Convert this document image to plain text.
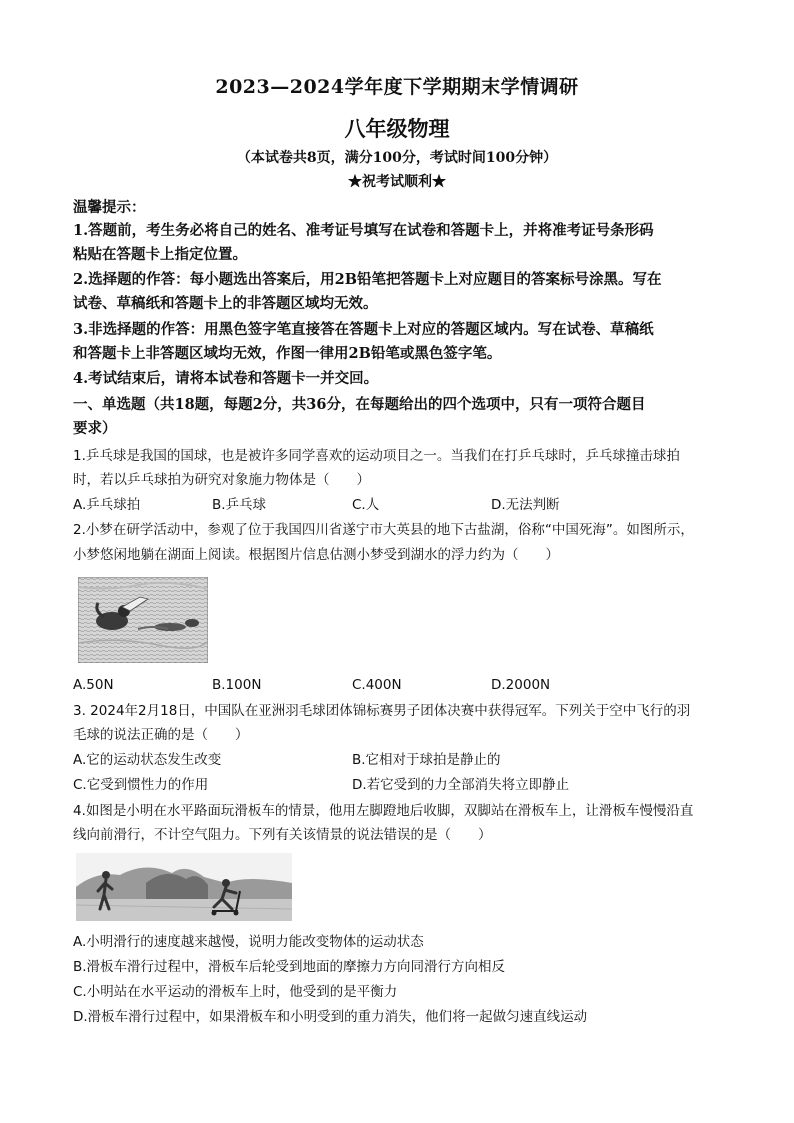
2023—2024学年度下学期期末学情调研
八年级物理
（本试卷共8页，满分100分，考试时间100分钟）
★祝考试顺利★
温馨提示：
1.答题前，考生务必将自己的姓名、准考证号填写在试卷和答题卡上，并将准考证号条形码
粘贴在答题卡上指定位置。
2.选择题的作答：每小题选出答案后，用2B铅笔把答题卡上对应题目的答案标号涂黑。写在
试卷、草稿纸和答题卡上的非答题区域均无效。
3.非选择题的作答：用黑色签字笔直接答在答题卡上对应的答题区域内。写在试卷、草稿纸
和答题卡上非答题区域均无效，作图一律用2B铅笔或黑色签字笔。
4.考试结束后，请将本试卷和答题卡一并交回。
一、单选题（共18题，每题2分，共36分，在每题给出的四个选项中，只有一项符合题目
要求）
1.乒乓球是我国的国球，也是被许多同学喜欢的运动项目之一。当我们在打乒乓球时，乒乓球撞击球拍
时，若以乒乓球拍为研究对象施力物体是（　　）
A.乒乓球拍	B.乒乓球	C.人	D.无法判断
2.小梦在研学活动中，参观了位于我国四川省遂宁市大英县的地下古盐湖，俗称“中国死海”。如图所示，
小梦悠闲地躺在湖面上阅读。根据图片信息估测小梦受到湖水的浮力约为（　　）
A.50N	B.100N	C.400N	D.2000N
3. 2024年2月18日，中国队在亚洲羽毛球团体锦标赛男子团体决赛中获得冠军。下列关于空中飞行的羽
毛球的说法正确的是（　　）
A.它的运动状态发生改变	B.它相对于球拍是静止的
C.它受到惯性力的作用	D.若它受到的力全部消失将立即静止
4.如图是小明在水平路面玩滑板车的情景，他用左脚蹬地后收脚，双脚站在滑板车上，让滑板车慢慢沿直
线向前滑行，不计空气阻力。下列有关该情景的说法错误的是（　　）
A.小明滑行的速度越来越慢，说明力能改变物体的运动状态
B.滑板车滑行过程中，滑板车后轮受到地面的摩擦力方向同滑行方向相反
C.小明站在水平运动的滑板车上时，他受到的是平衡力
D.滑板车滑行过程中，如果滑板车和小明受到的重力消失，他们将一起做匀速直线运动
